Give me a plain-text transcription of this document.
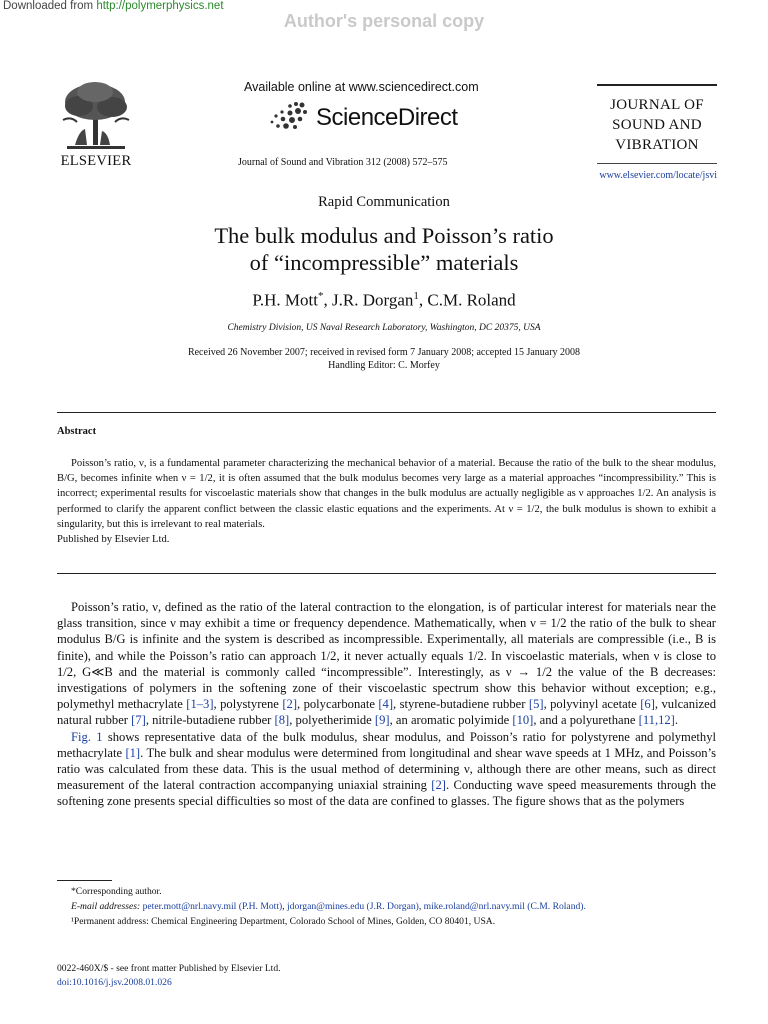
Downloaded from http://polymerphysics.net
Author's personal copy
ELSEVIER
Available online at www.sciencedirect.com
ScienceDirect
Journal of Sound and Vibration 312 (2008) 572–575
JOURNAL OF
SOUND AND
VIBRATION
www.elsevier.com/locate/jsvi
Rapid Communication
The bulk modulus and Poisson’s ratio
of “incompressible” materials
P.H. Mott*, J.R. Dorgan$^1$, C.M. Roland
Chemistry Division, US Naval Research Laboratory, Washington, DC 20375, USA
Received 26 November 2007; received in revised form 7 January 2008; accepted 15 January 2008
Handling Editor: C. Morfey
Abstract

Poisson’s ratio, ν, is a fundamental parameter characterizing the mechanical behavior of a material. Because the ratio of the bulk to the shear modulus, B/G, becomes infinite when ν = 1/2, it is often assumed that the bulk modulus becomes very large as a material approaches “incompressibility.” This is incorrect; experimental results for viscoelastic materials show that changes in the bulk modulus are actually negligible as ν approaches 1/2. An analysis is performed to clarify the apparent conflict between the classic elastic equations and the experiments. At ν = 1/2, the bulk modulus is shown to exhibit a singularity, but this is irrelevant to real materials.

Published by Elsevier Ltd.

Poisson’s ratio, ν, defined as the ratio of the lateral contraction to the elongation, is of particular interest for materials near the glass transition, since ν may exhibit a time or frequency dependence. Mathematically, when ν = 1/2 the ratio of the bulk to shear modulus B/G is infinite and the system is described as incompressible. Experimentally, all materials are compressible (i.e., B is finite), and while the Poisson’s ratio can approach 1/2, it never actually equals 1/2. In viscoelastic materials, when ν is close to 1/2, G≪B and the material is commonly called “incompressible”. Interestingly, as ν → 1/2 the value of the B decreases: investigations of polymers in the softening zone of their viscoelastic spectrum show this behavior without exception; e.g., polymethyl methacrylate [1–3], polystyrene [2], polycarbonate [4], styrene-butadiene rubber [5], polyvinyl acetate [6], vulcanized natural rubber [7], nitrile-butadiene rubber [8], polyetherimide [9], an aromatic polyimide [10], and a polyurethane [11,12].

Fig. 1 shows representative data of the bulk modulus, shear modulus, and Poisson’s ratio for polystyrene and polymethyl methacrylate [1]. The bulk and shear modulus were determined from longitudinal and shear wave speeds at 1 MHz, and Poisson’s ratio was calculated from these data. This is the usual method of determining ν, although there are other means, such as direct measurement of the lateral contraction accompanying uniaxial straining [2]. Conducting wave speed measurements through the softening zone presents special difficulties so most of the data are confined to glasses. The figure shows that as the polymers

*Corresponding author.
E-mail addresses: peter.mott@nrl.navy.mil (P.H. Mott), jdorgan@mines.edu (J.R. Dorgan), mike.roland@nrl.navy.mil (C.M. Roland).
¹Permanent address: Chemical Engineering Department, Colorado School of Mines, Golden, CO 80401, USA.
0022-460X/$ - see front matter Published by Elsevier Ltd.
doi:10.1016/j.jsv.2008.01.026
